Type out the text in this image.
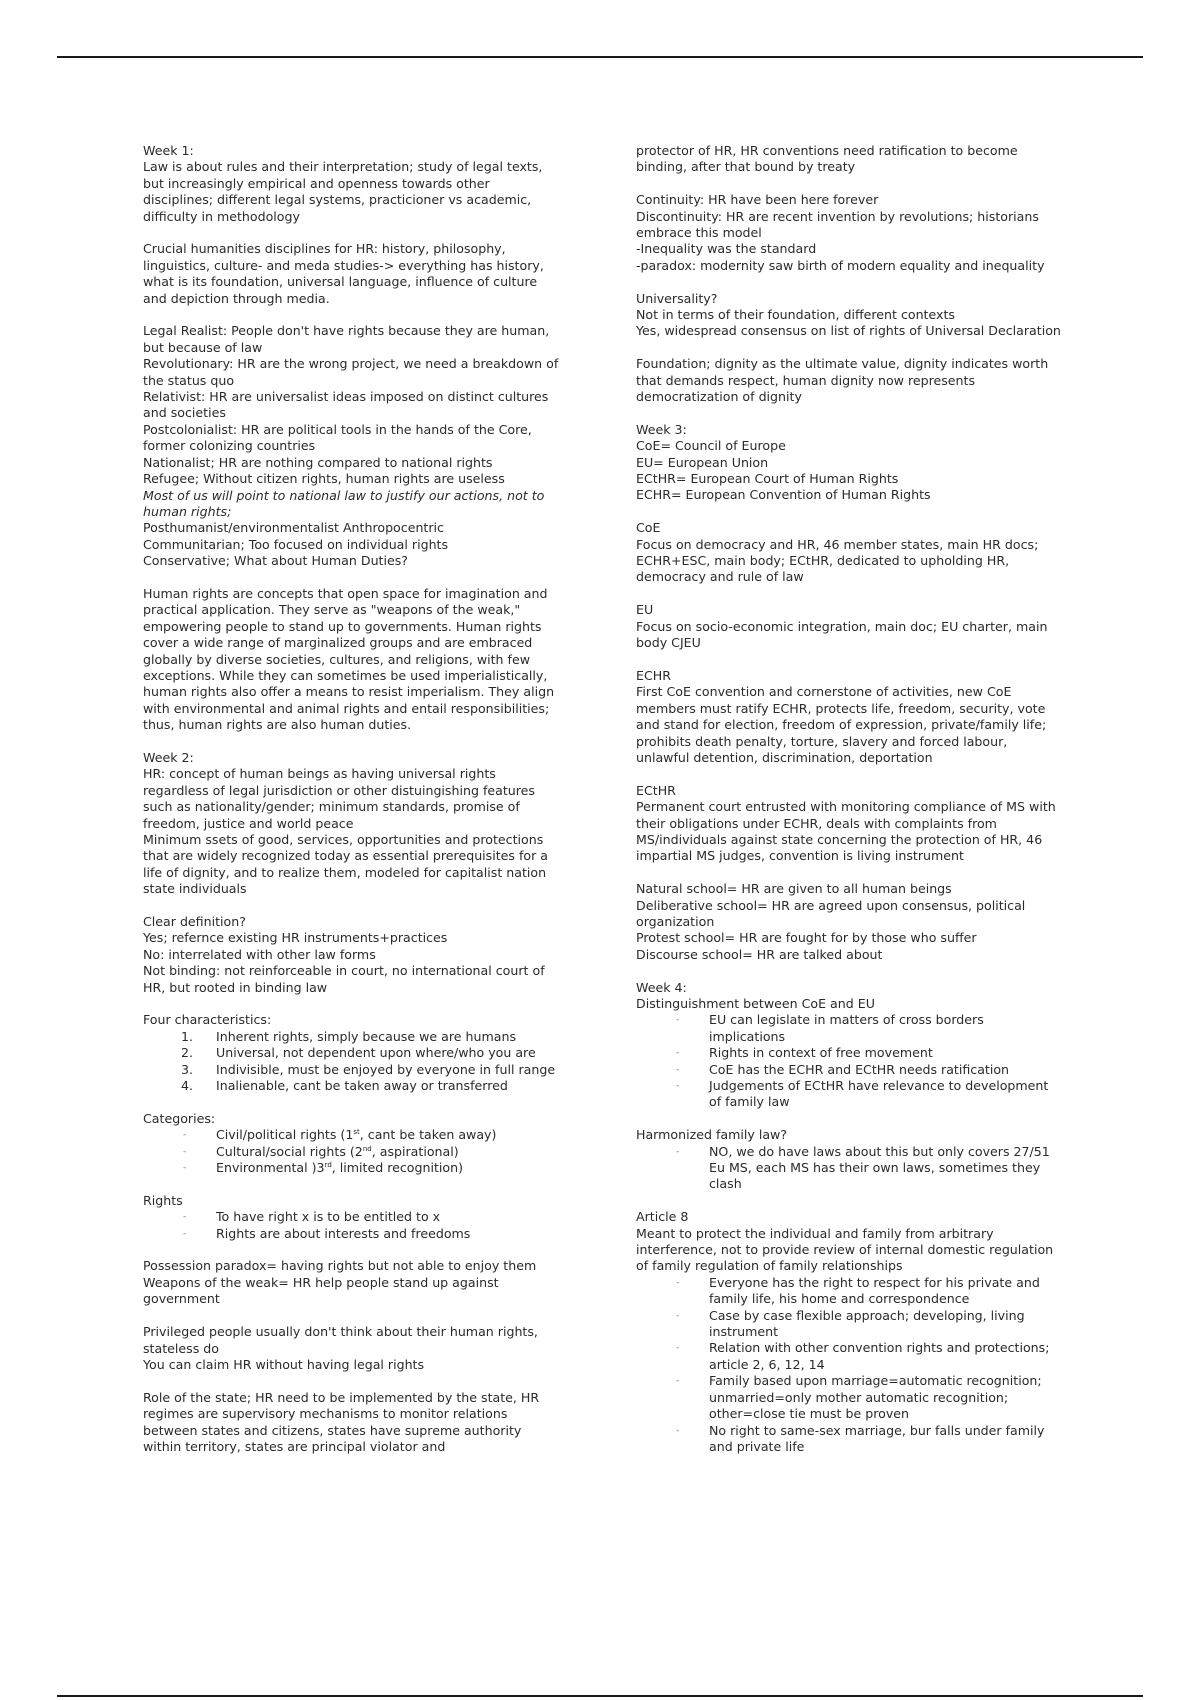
Week 1:

Law is about rules and their interpretation; study of legal texts, but increasingly empirical and openness towards other disciplines; different legal systems, practicioner vs academic, difficulty in methodology

Crucial humanities disciplines for HR: history, philosophy, linguistics, culture- and meda studies-> everything has history, what is its foundation, universal language, influence of culture and depiction through media.

Legal Realist: People don't have rights because they are human, but because of law

Revolutionary: HR are the wrong project, we need a breakdown of the status quo

Relativist: HR are universalist ideas imposed on distinct cultures and societies

Postcolonialist: HR are political tools in the hands of the Core, former colonizing countries

Nationalist; HR are nothing compared to national rights

Refugee; Without citizen rights, human rights are useless

Most of us will point to national law to justify our actions, not to human rights;

Posthumanist/environmentalist Anthropocentric

Communitarian; Too focused on individual rights

Conservative; What about Human Duties?

Human rights are concepts that open space for imagination and practical application. They serve as "weapons of the weak," empowering people to stand up to governments. Human rights cover a wide range of marginalized groups and are embraced globally by diverse societies, cultures, and religions, with few exceptions. While they can sometimes be used imperialistically, human rights also offer a means to resist imperialism. They align with environmental and animal rights and entail responsibilities; thus, human rights are also human duties.

Week 2:

HR: concept of human beings as having universal rights regardless of legal jurisdiction or other distuingishing features such as nationality/gender; minimum standards, promise of freedom, justice and world peace

Minimum ssets of good, services, opportunities and protections that are widely recognized today as essential prerequisites for a life of dignity, and to realize them, modeled for capitalist nation state individuals

Clear definition?

Yes; refernce existing HR instruments+practices

No: interrelated with other law forms

Not binding: not reinforceable in court, no international court of HR, but rooted in binding law

Four characteristics:

1. Inherent rights, simply because we are humans
2. Universal, not dependent upon where/who you are
3. Indivisible, must be enjoyed by everyone in full range
4. Inalienable, cant be taken away or transferred

Categories:

- Civil/political rights (1st, cant be taken away)
- Cultural/social rights (2nd, aspirational)
- Environmental )3rd, limited recognition)

Rights

- To have right x is to be entitled to x
- Rights are about interests and freedoms

Possession paradox= having rights but not able to enjoy them

Weapons of the weak= HR help people stand up against government

Privileged people usually don't think about their human rights, stateless do

You can claim HR without having legal rights

Role of the state; HR need to be implemented by the state, HR regimes are supervisory mechanisms to monitor relations between states and citizens, states have supreme authority within territory, states are principal violator and

protector of HR, HR conventions need ratification to become binding, after that bound by treaty

Continuity: HR have been here forever

Discontinuity: HR are recent invention by revolutions; historians embrace this model

-Inequality was the standard

-paradox: modernity saw birth of modern equality and inequality

Universality?

Not in terms of their foundation, different contexts

Yes, widespread consensus on list of rights of Universal Declaration

Foundation; dignity as the ultimate value, dignity indicates worth that demands respect, human dignity now represents democratization of dignity

Week 3:

CoE= Council of Europe

EU= European Union

ECtHR= European Court of Human Rights

ECHR= European Convention of Human Rights

CoE

Focus on democracy and HR, 46 member states, main HR docs; ECHR+ESC, main body; ECtHR, dedicated to upholding HR, democracy and rule of law

EU

Focus on socio-economic integration, main doc; EU charter, main body CJEU

ECHR

First CoE convention and cornerstone of activities, new CoE members must ratify ECHR, protects life, freedom, security, vote and stand for election, freedom of expression, private/family life; prohibits death penalty, torture, slavery and forced labour, unlawful detention, discrimination, deportation

ECtHR

Permanent court entrusted with monitoring compliance of MS with their obligations under ECHR, deals with complaints from MS/individuals against state concerning the protection of HR, 46 impartial MS judges, convention is living instrument

Natural school= HR are given to all human beings

Deliberative school= HR are agreed upon consensus, political organization

Protest school= HR are fought for by those who suffer

Discourse school= HR are talked about

Week 4:

Distinguishment between CoE and EU

- EU can legislate in matters of cross borders implications
- Rights in context of free movement
- CoE has the ECHR and ECtHR needs ratification
- Judgements of ECtHR have relevance to development of family law

Harmonized family law?

- NO, we do have laws about this but only covers 27/51 Eu MS, each MS has their own laws, sometimes they clash

Article 8

Meant to protect the individual and family from arbitrary interference, not to provide review of internal domestic regulation of family regulation of family relationships

- Everyone has the right to respect for his private and family life, his home and correspondence
- Case by case flexible approach; developing, living instrument
- Relation with other convention rights and protections; article 2, 6, 12, 14
- Family based upon marriage=automatic recognition; unmarried=only mother automatic recognition; other=close tie must be proven
- No right to same-sex marriage, bur falls under family and private life
